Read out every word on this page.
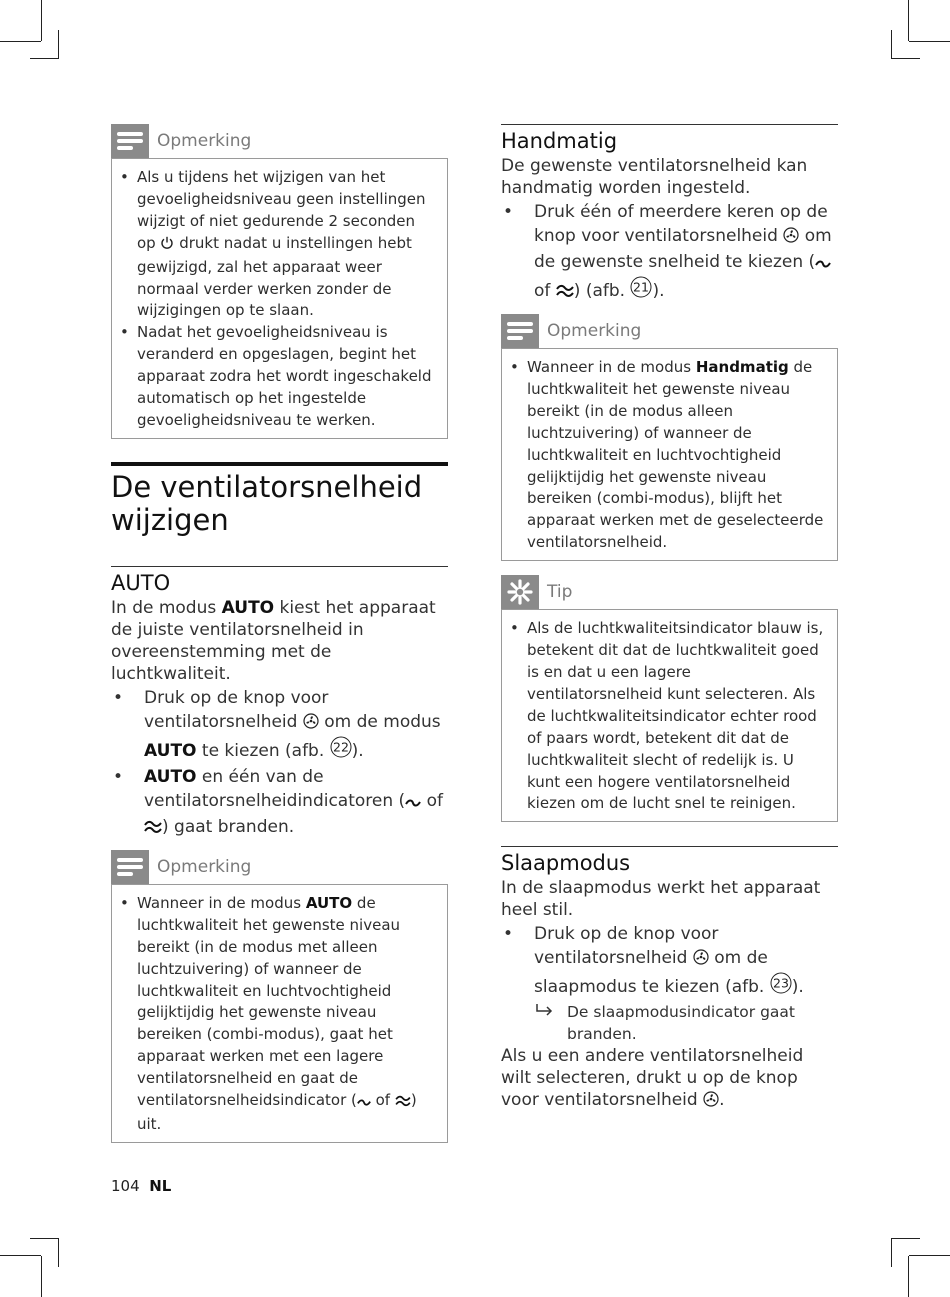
Opmerking
• Als u tijdens het wijzigen van het gevoeligheidsniveau geen instellingen wijzigt of niet gedurende 2 seconden op  drukt nadat u instellingen hebt gewijzigd, zal het apparaat weer normaal verder werken zonder de wijzigingen op te slaan.
• Nadat het gevoeligheidsniveau is veranderd en opgeslagen, begint het apparaat zodra het wordt ingeschakeld automatisch op het ingestelde gevoeligheidsniveau te werken.
De ventilatorsnelheid wijzigen
AUTO
In de modus AUTO kiest het apparaat de juiste ventilatorsnelheid in overeenstemming met de luchtkwaliteit.
• Druk op de knop voor ventilatorsnelheid  om de modus AUTO te kiezen (afb. 22 ).
• AUTO en één van de ventilatorsnelheidindicatoren ( of ) gaat branden.
Opmerking
• Wanneer in de modus AUTO de luchtkwaliteit het gewenste niveau bereikt (in de modus met alleen luchtzuivering) of wanneer de luchtkwaliteit en luchtvochtigheid gelijktijdig het gewenste niveau bereiken (combi-modus), gaat het apparaat werken met een lagere ventilatorsnelheid en gaat de ventilatorsnelheidsindicator ( of ) uit.
Handmatig
De gewenste ventilatorsnelheid kan handmatig worden ingesteld.
• Druk één of meerdere keren op de knop voor ventilatorsnelheid  om de gewenste snelheid te kiezen ( of ) (afb. 21 ).
Opmerking
• Wanneer in de modus Handmatig de luchtkwaliteit het gewenste niveau bereikt (in de modus alleen luchtzuivering) of wanneer de luchtkwaliteit en luchtvochtigheid gelijktijdig het gewenste niveau bereiken (combi-modus), blijft het apparaat werken met de geselecteerde ventilatorsnelheid.
Tip
• Als de luchtkwaliteitsindicator blauw is, betekent dit dat de luchtkwaliteit goed is en dat u een lagere ventilatorsnelheid kunt selecteren. Als de luchtkwaliteitsindicator echter rood of paars wordt, betekent dit dat de luchtkwaliteit slecht of redelijk is. U kunt een hogere ventilatorsnelheid kiezen om de lucht snel te reinigen.
Slaapmodus
In de slaapmodus werkt het apparaat heel stil.
• Druk op de knop voor ventilatorsnelheid  om de slaapmodus te kiezen (afb. 23 ).
De slaapmodusindicator gaat branden.
Als u een andere ventilatorsnelheid wilt selecteren, drukt u op de knop voor ventilatorsnelheid .
104 NL
